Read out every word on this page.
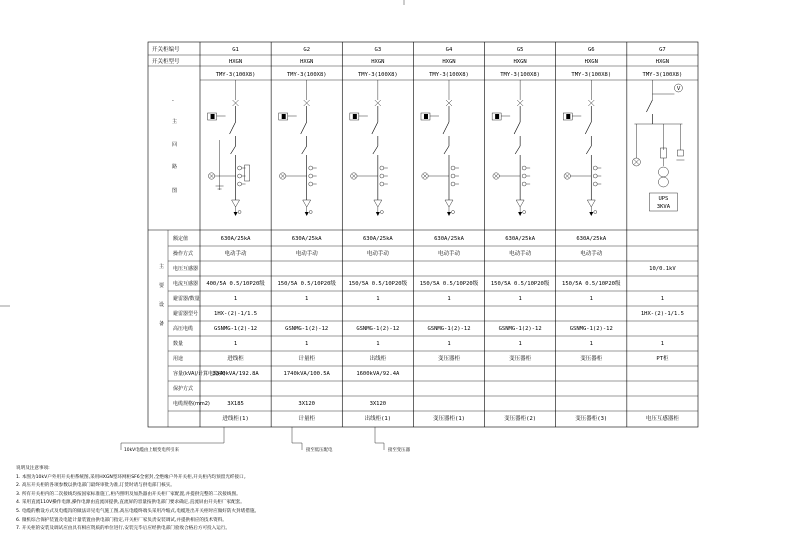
开关柜编号
开关柜型号
-
主
回
路
图
主
要
设
备
G1
HXGN
TMY-3(100X8)
630A/25kA
电动手动
400/5A 0.5/10P20级
1
GSNMG-1(2)-12
1
进线柜
3340kVA/192.8A
3X185
进线柜(1)
G2
HXGN
TMY-3(100X8)
630A/25kA
电动手动
150/5A 0.5/10P20级
1
GSNMG-1(2)-12
1
计量柜
1740kVA/100.5A
3X120
计量柜
G3
HXGN
TMY-3(100X8)
630A/25kA
电动手动
150/5A 0.5/10P20级
1
GSNMG-1(2)-12
1
出线柜
1600kVA/92.4A
3X120
出线柜(1)
G4
HXGN
TMY-3(100X8)
630A/25kA
电动手动
150/5A 0.5/10P20级
1
GSNMG-1(2)-12
1
变压器柜
变压器柜(1)
G5
HXGN
TMY-3(100X8)
630A/25kA
电动手动
150/5A 0.5/10P20级
1
GSNMG-1(2)-12
1
变压器柜
变压器柜(2)
G6
HXGN
TMY-3(100X8)
630A/25kA
电动手动
150/5A 0.5/10P20级
1
GSNMG-1(2)-12
1
变压器柜
变压器柜(3)
G7
HXGN
TMY-3(100X8)
1
1
PT柜
电压互感器柜
10/0.1kV
1HX-(2)-1/1.5
1HX-(2)-1/1.5
额定值
操作方式
电压互感器
电流互感器
避雷器/数量
避雷器型号
高压电缆
数量
用途
容量(kVA)/计算电流(A)
保护方式
电缆规格(mm2)
V
UPS
3KVA
10kV电缆由上级变电所引来	接至低压配电	接至变压器
说明及注意事项:
1. 本图为10kV户外用开关柜系统图,采用HXGN型环网柜SF6全密封,全绝缘户外开关柜,开关柜内均预留光纤接口。
2. 高压开关柜的各项参数以供电部门最终审批为准,订货时请与供电部门核实。
3. 所有开关柜内的二次接线均按国家标准施工,柜内照明及加热器由开关柜厂家配置,并提供完整的二次接线图。
4. 采用直流110V操作电源,操作电源由直流屏提供,直流屏的容量按供电部门要求确定,直流屏由开关柜厂家配套。
5. 电缆的敷设方式及电缆沟的做法详见电气施工图,高压电缆终端头采用冷缩式,电缆进出开关柜时应做好防火封堵措施。
6. 微机综合保护装置及电能计量装置由供电部门指定,开关柜厂家负责安装调试,并提供相应的技术资料。
7. 开关柜的安装及调试应由具有相应资质的单位进行,安装完毕后应经供电部门验收合格后方可投入运行。
